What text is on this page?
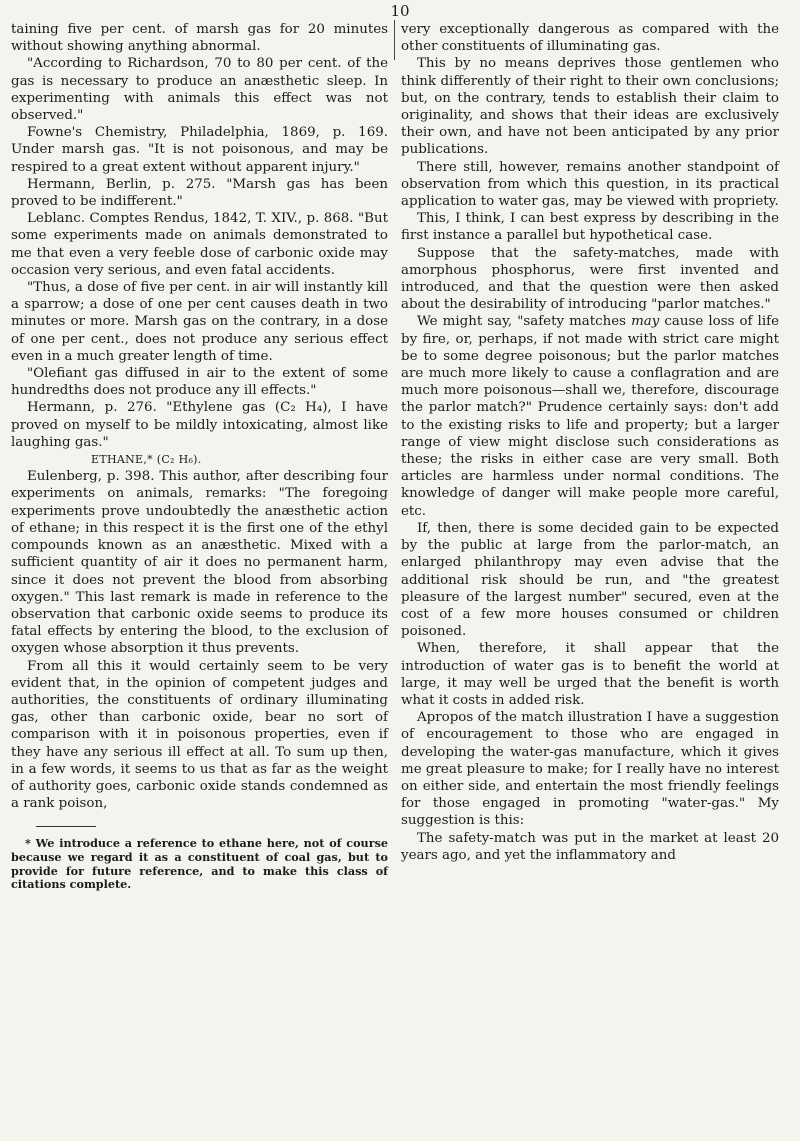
10

taining five per cent. of marsh gas for 20 minutes without showing anything abnormal.

"According to Richardson, 70 to 80 per cent. of the gas is necessary to produce an anæsthetic sleep. In experimenting with animals this effect was not observed."

Fowne's Chemistry, Philadelphia, 1869, p. 169. Under marsh gas. "It is not poisonous, and may be respired to a great extent without apparent injury."

Hermann, Berlin, p. 275. "Marsh gas has been proved to be indifferent."

Leblanc. Comptes Rendus, 1842, T. XIV., p. 868. "But some experiments made on animals demonstrated to me that even a very feeble dose of carbonic oxide may occasion very serious, and even fatal accidents.

"Thus, a dose of five per cent. in air will instantly kill a sparrow; a dose of one per cent causes death in two minutes or more. Marsh gas on the contrary, in a dose of one per cent., does not produce any serious effect even in a much greater length of time.

"Olefiant gas diffused in air to the extent of some hundredths does not produce any ill effects."

Hermann, p. 276. "Ethylene gas (C₂ H₄), I have proved on myself to be mildly intoxicating, almost like laughing gas."

ETHANE,* (C₂ H₆).

Eulenberg, p. 398. This author, after describing four experiments on animals, remarks: "The foregoing experiments prove undoubtedly the anæsthetic action of ethane; in this respect it is the first one of the ethyl compounds known as an anæsthetic. Mixed with a sufficient quantity of air it does no permanent harm, since it does not prevent the blood from absorbing oxygen." This last remark is made in reference to the observation that carbonic oxide seems to produce its fatal effects by entering the blood, to the exclusion of oxygen whose absorption it thus prevents.

From all this it would certainly seem to be very evident that, in the opinion of competent judges and authorities, the constituents of ordinary illuminating gas, other than carbonic oxide, bear no sort of comparison with it in poisonous properties, even if they have any serious ill effect at all. To sum up then, in a few words, it seems to us that as far as the weight of authority goes, carbonic oxide stands condemned as a rank poison,

* We introduce a reference to ethane here, not of course because we regard it as a constituent of coal gas, but to provide for future reference, and to make this class of citations complete.

very exceptionally dangerous as compared with the other constituents of illuminating gas.

This by no means deprives those gentlemen who think differently of their right to their own conclusions; but, on the contrary, tends to establish their claim to originality, and shows that their ideas are exclusively their own, and have not been anticipated by any prior publications.

There still, however, remains another standpoint of observation from which this question, in its practical application to water gas, may be viewed with propriety.

This, I think, I can best express by describing in the first instance a parallel but hypothetical case.

Suppose that the safety-matches, made with amorphous phosphorus, were first invented and introduced, and that the question were then asked about the desirability of introducing "parlor matches."

We might say, "safety matches may cause loss of life by fire, or, perhaps, if not made with strict care might be to some degree poisonous; but the parlor matches are much more likely to cause a conflagration and are much more poisonous—shall we, therefore, discourage the parlor match?" Prudence certainly says: don't add to the existing risks to life and property; but a larger range of view might disclose such considerations as these; the risks in either case are very small. Both articles are harmless under normal conditions. The knowledge of danger will make people more careful, etc.

If, then, there is some decided gain to be expected by the public at large from the parlor-match, an enlarged philanthropy may even advise that the additional risk should be run, and "the greatest pleasure of the largest number" secured, even at the cost of a few more houses consumed or children poisoned.

When, therefore, it shall appear that the introduction of water gas is to benefit the world at large, it may well be urged that the benefit is worth what it costs in added risk.

Apropos of the match illustration I have a suggestion of encouragement to those who are engaged in developing the water-gas manufacture, which it gives me great pleasure to make; for I really have no interest on either side, and entertain the most friendly feelings for those engaged in promoting "water-gas." My suggestion is this:

The safety-match was put in the market at least 20 years ago, and yet the inflammatory and
